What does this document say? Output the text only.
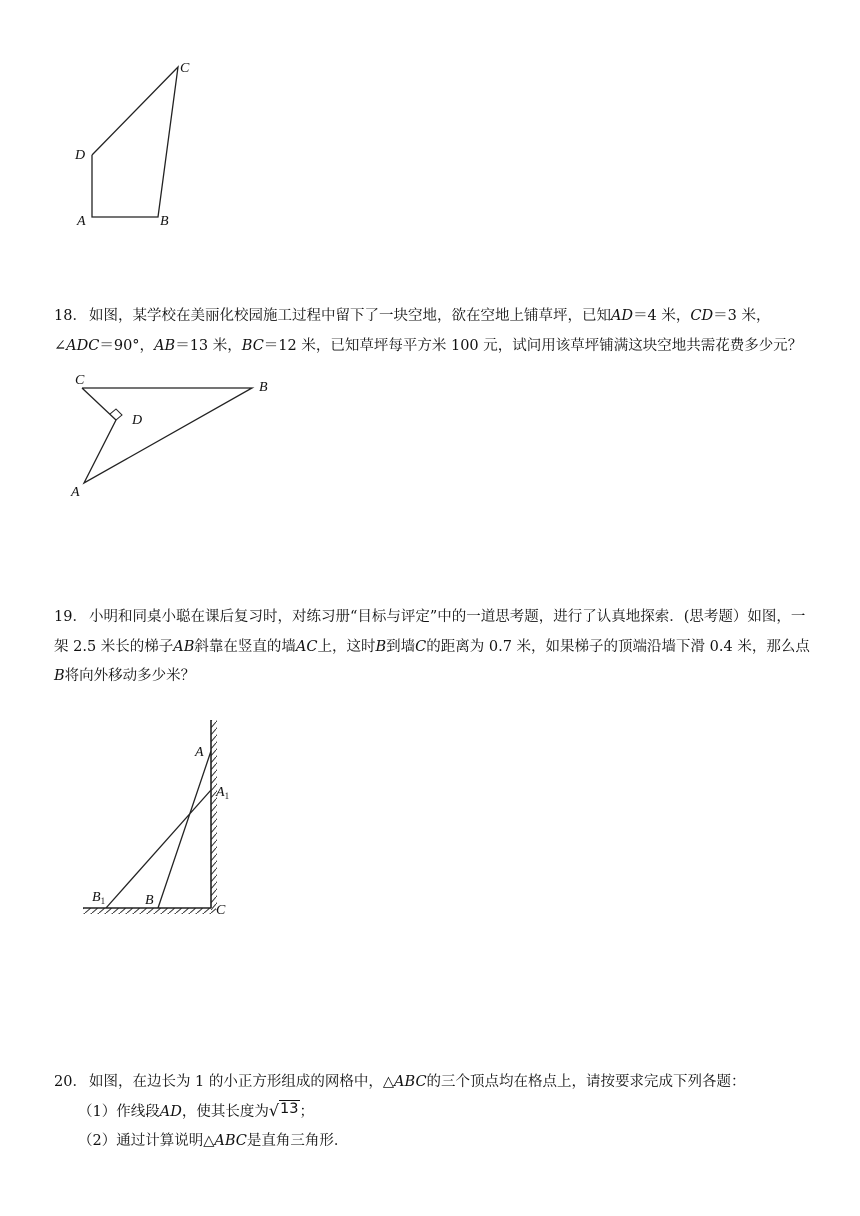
D
A	B
C

18． 如图，某学校在美丽化校园施工过程中留下了一块空地，欲在空地上铺草坪，已知AD＝4 米，CD＝3 米，∠ADC＝90°，AB＝13 米，BC＝12 米，已知草坪每平方米 100 元，试问用该草坪铺满这块空地共需花费多少元？

C	B
D
A

19． 小明和同桌小聪在课后复习时，对练习册“目标与评定”中的一道思考题，进行了认真地探索．(思考题）如图，一架 2.5 米长的梯子AB斜靠在竖直的墙AC上，这时B到墙C的距离为 0.7 米，如果梯子的顶端沿墙下滑 0.4 米，那么点B将向外移动多少米？

A
$A_1$
$B_1$	B
C

20． 如图，在边长为 1 的小正方形组成的网格中，△ABC的三个顶点均在格点上，请按要求完成下列各题：

（1）作线段AD，使其长度为 √ 13 ；

（2）通过计算说明△ABC是直角三角形．
